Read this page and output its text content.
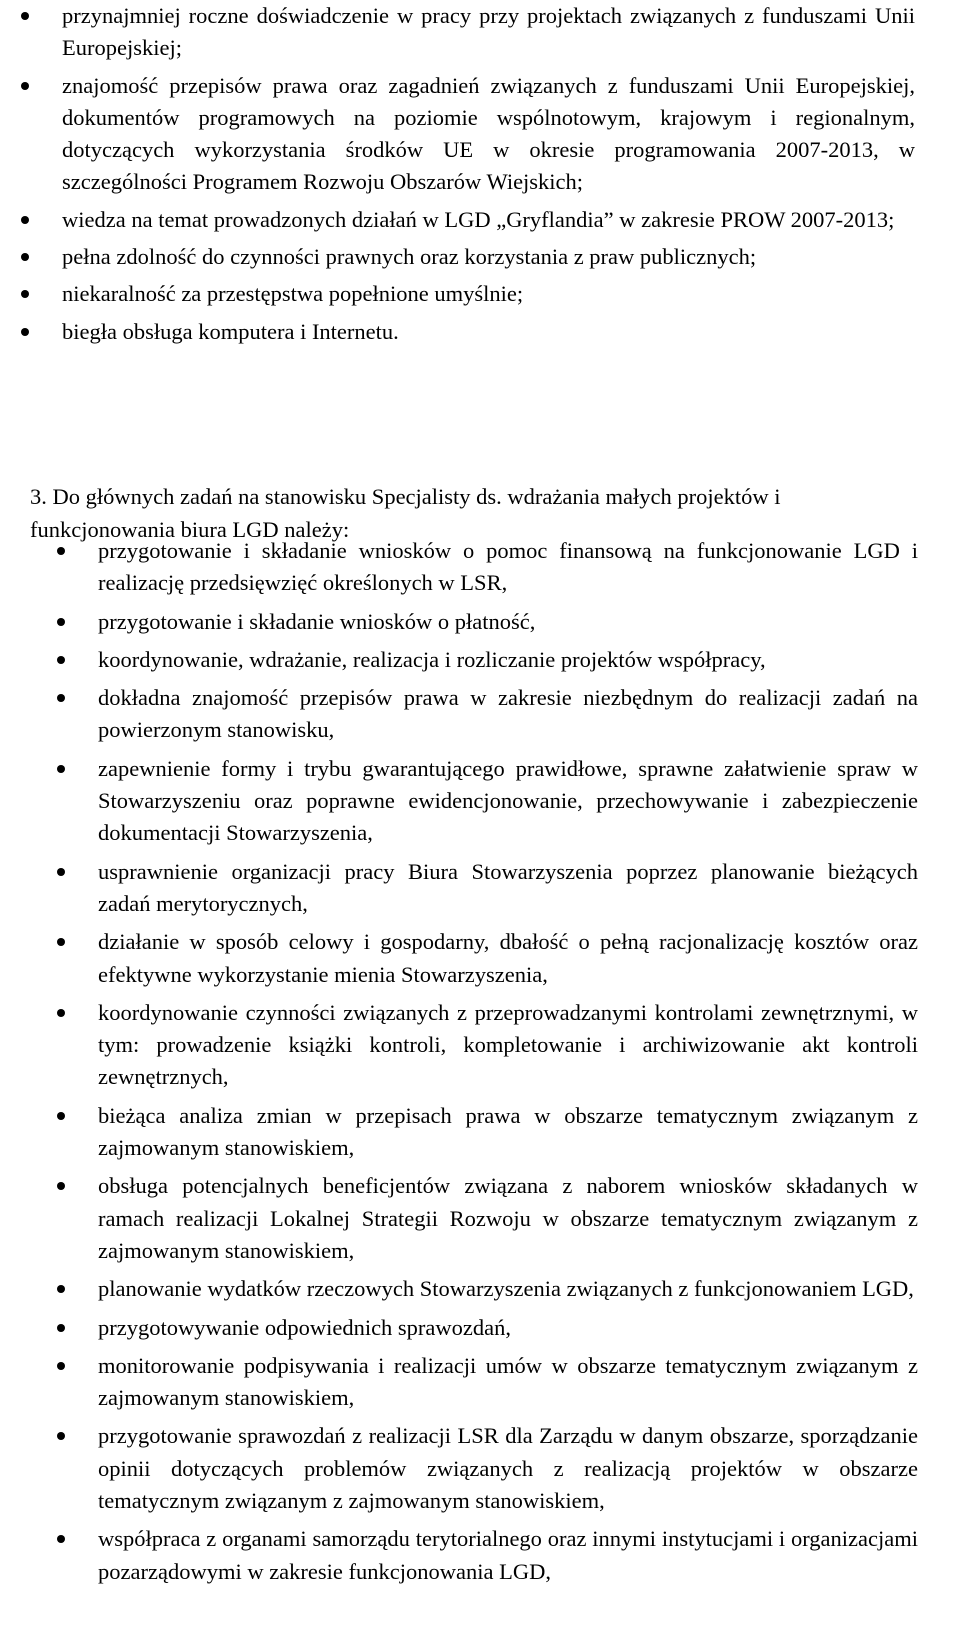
przynajmniej roczne doświadczenie w pracy przy projektach związanych z funduszami Unii Europejskiej;
znajomość przepisów prawa oraz zagadnień związanych z funduszami Unii Europejskiej, dokumentów programowych na poziomie wspólnotowym, krajowym i regionalnym, dotyczących wykorzystania środków UE w okresie programowania 2007-2013, w szczególności Programem Rozwoju Obszarów Wiejskich;
wiedza na temat prowadzonych działań w LGD „Gryflandia” w zakresie PROW 2007-2013;
pełna zdolność do czynności prawnych oraz korzystania z praw publicznych;
niekaralność za przestępstwa popełnione umyślnie;
biegła obsługa komputera i Internetu.
3. Do głównych zadań na stanowisku Specjalisty ds. wdrażania małych projektów i funkcjonowania biura LGD należy:
przygotowanie i składanie wniosków o pomoc finansową na funkcjonowanie LGD i realizację przedsięwzięć określonych w LSR,
przygotowanie i składanie wniosków o płatność,
koordynowanie, wdrażanie, realizacja i rozliczanie projektów współpracy,
dokładna znajomość przepisów prawa w zakresie niezbędnym do realizacji zadań na powierzonym stanowisku,
zapewnienie formy i trybu gwarantującego prawidłowe, sprawne załatwienie spraw w Stowarzyszeniu oraz poprawne ewidencjonowanie, przechowywanie i zabezpieczenie dokumentacji Stowarzyszenia,
usprawnienie organizacji pracy Biura Stowarzyszenia poprzez planowanie bieżących zadań merytorycznych,
działanie w sposób celowy i gospodarny, dbałość o pełną racjonalizację kosztów oraz efektywne wykorzystanie mienia Stowarzyszenia,
koordynowanie czynności związanych z przeprowadzanymi kontrolami zewnętrznymi, w tym: prowadzenie książki kontroli, kompletowanie i archiwizowanie akt kontroli zewnętrznych,
bieżąca analiza zmian w przepisach prawa w obszarze tematycznym związanym z zajmowanym stanowiskiem,
obsługa potencjalnych beneficjentów związana z naborem wniosków składanych w ramach realizacji Lokalnej Strategii Rozwoju w obszarze tematycznym związanym z zajmowanym stanowiskiem,
planowanie wydatków rzeczowych Stowarzyszenia związanych z funkcjonowaniem LGD,
przygotowywanie odpowiednich sprawozdań,
monitorowanie podpisywania i realizacji umów w obszarze tematycznym związanym z zajmowanym stanowiskiem,
przygotowanie sprawozdań z realizacji LSR dla Zarządu w danym obszarze, sporządzanie opinii dotyczących problemów związanych z realizacją projektów w obszarze tematycznym związanym z zajmowanym stanowiskiem,
współpraca z organami samorządu terytorialnego oraz innymi instytucjami i organizacjami pozarządowymi w zakresie funkcjonowania LGD,
